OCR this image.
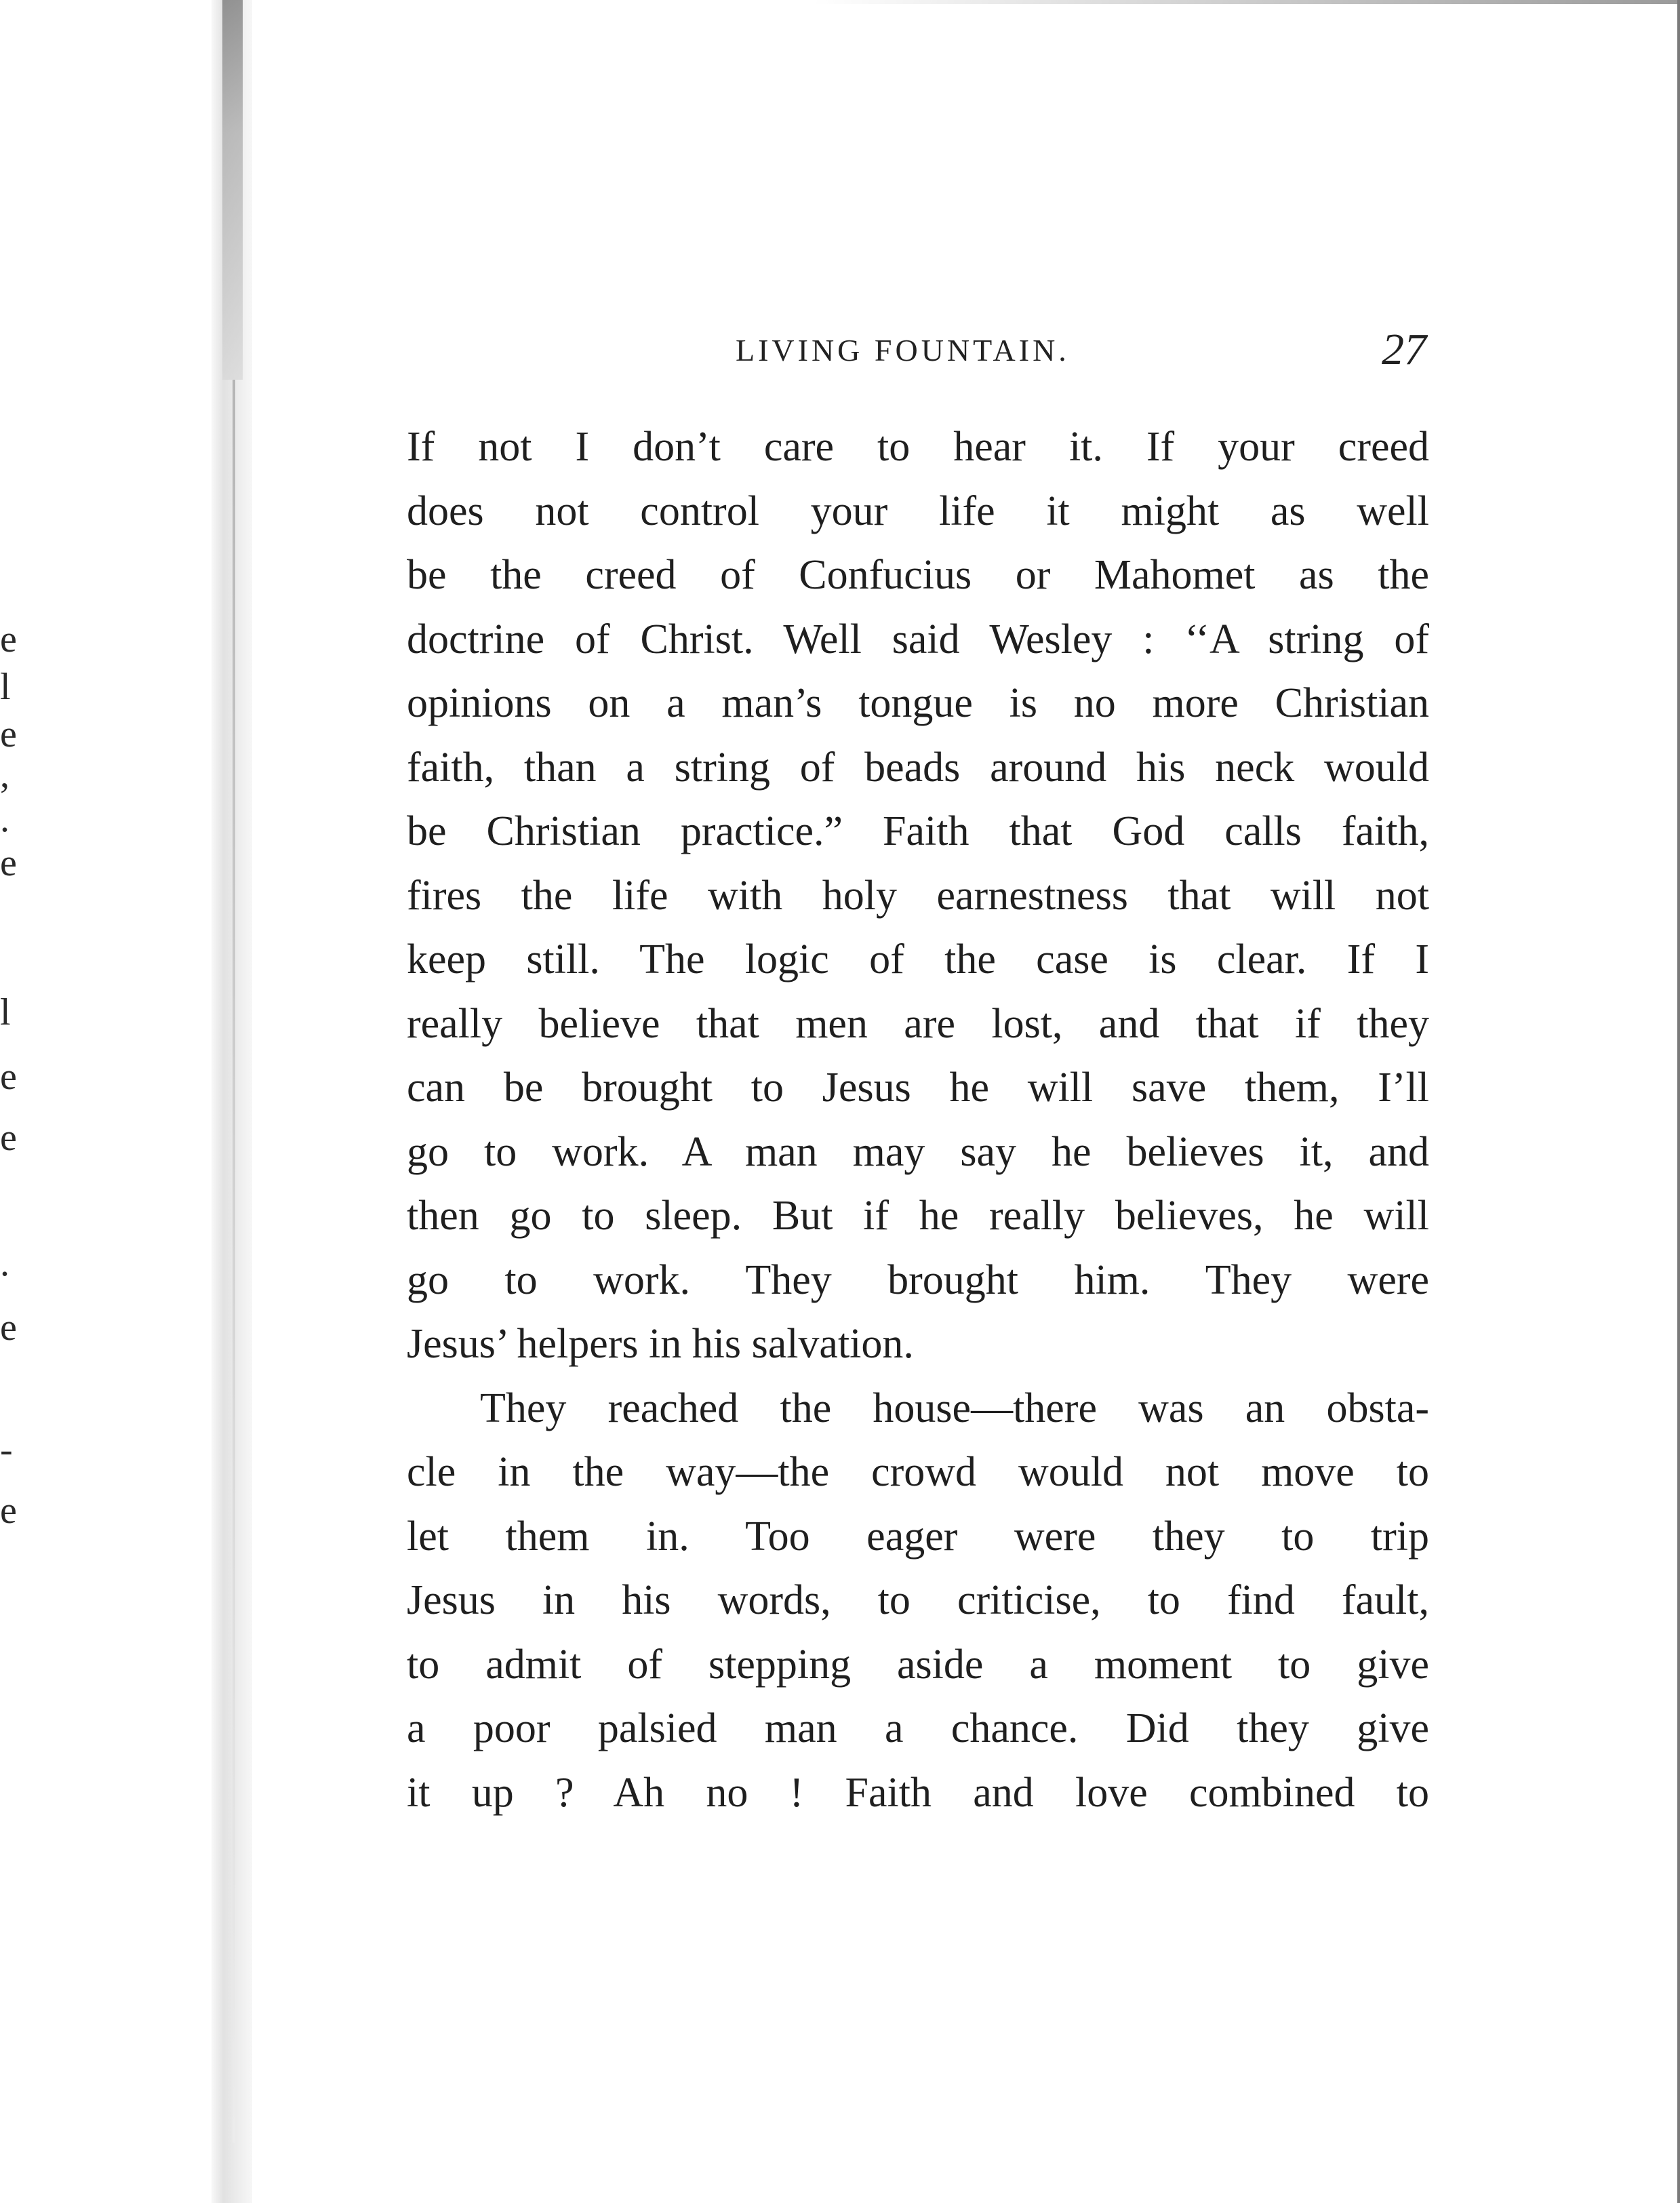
e
l
e
,
.
e
l
e
e
.
e
-
e
LIVING FOUNTAIN.	27
If not I don’t care to hear it. If your creed
does not control your life it might as well
be the creed of Confucius or Mahomet as the
doctrine of Christ. Well said Wesley : ‘‘A string of
opinions on a man’s tongue is no more Christian
faith, than a string of beads around his neck would
be Christian practice.” Faith that God calls faith,
fires the life with holy earnestness that will not
keep still. The logic of the case is clear. If I
really believe that men are lost, and that if they
can be brought to Jesus he will save them, I’ll
go to work. A man may say he believes it, and
then go to sleep. But if he really believes, he will
go to work. They brought him. They were
Jesus’ helpers in his salvation.
They reached the house—there was an obsta-
cle in the way—the crowd would not move to
let them in. Too eager were they to trip
Jesus in his words, to criticise, to find fault,
to admit of stepping aside a moment to give
a poor palsied man a chance. Did they give
it up ? Ah no ! Faith and love combined to
